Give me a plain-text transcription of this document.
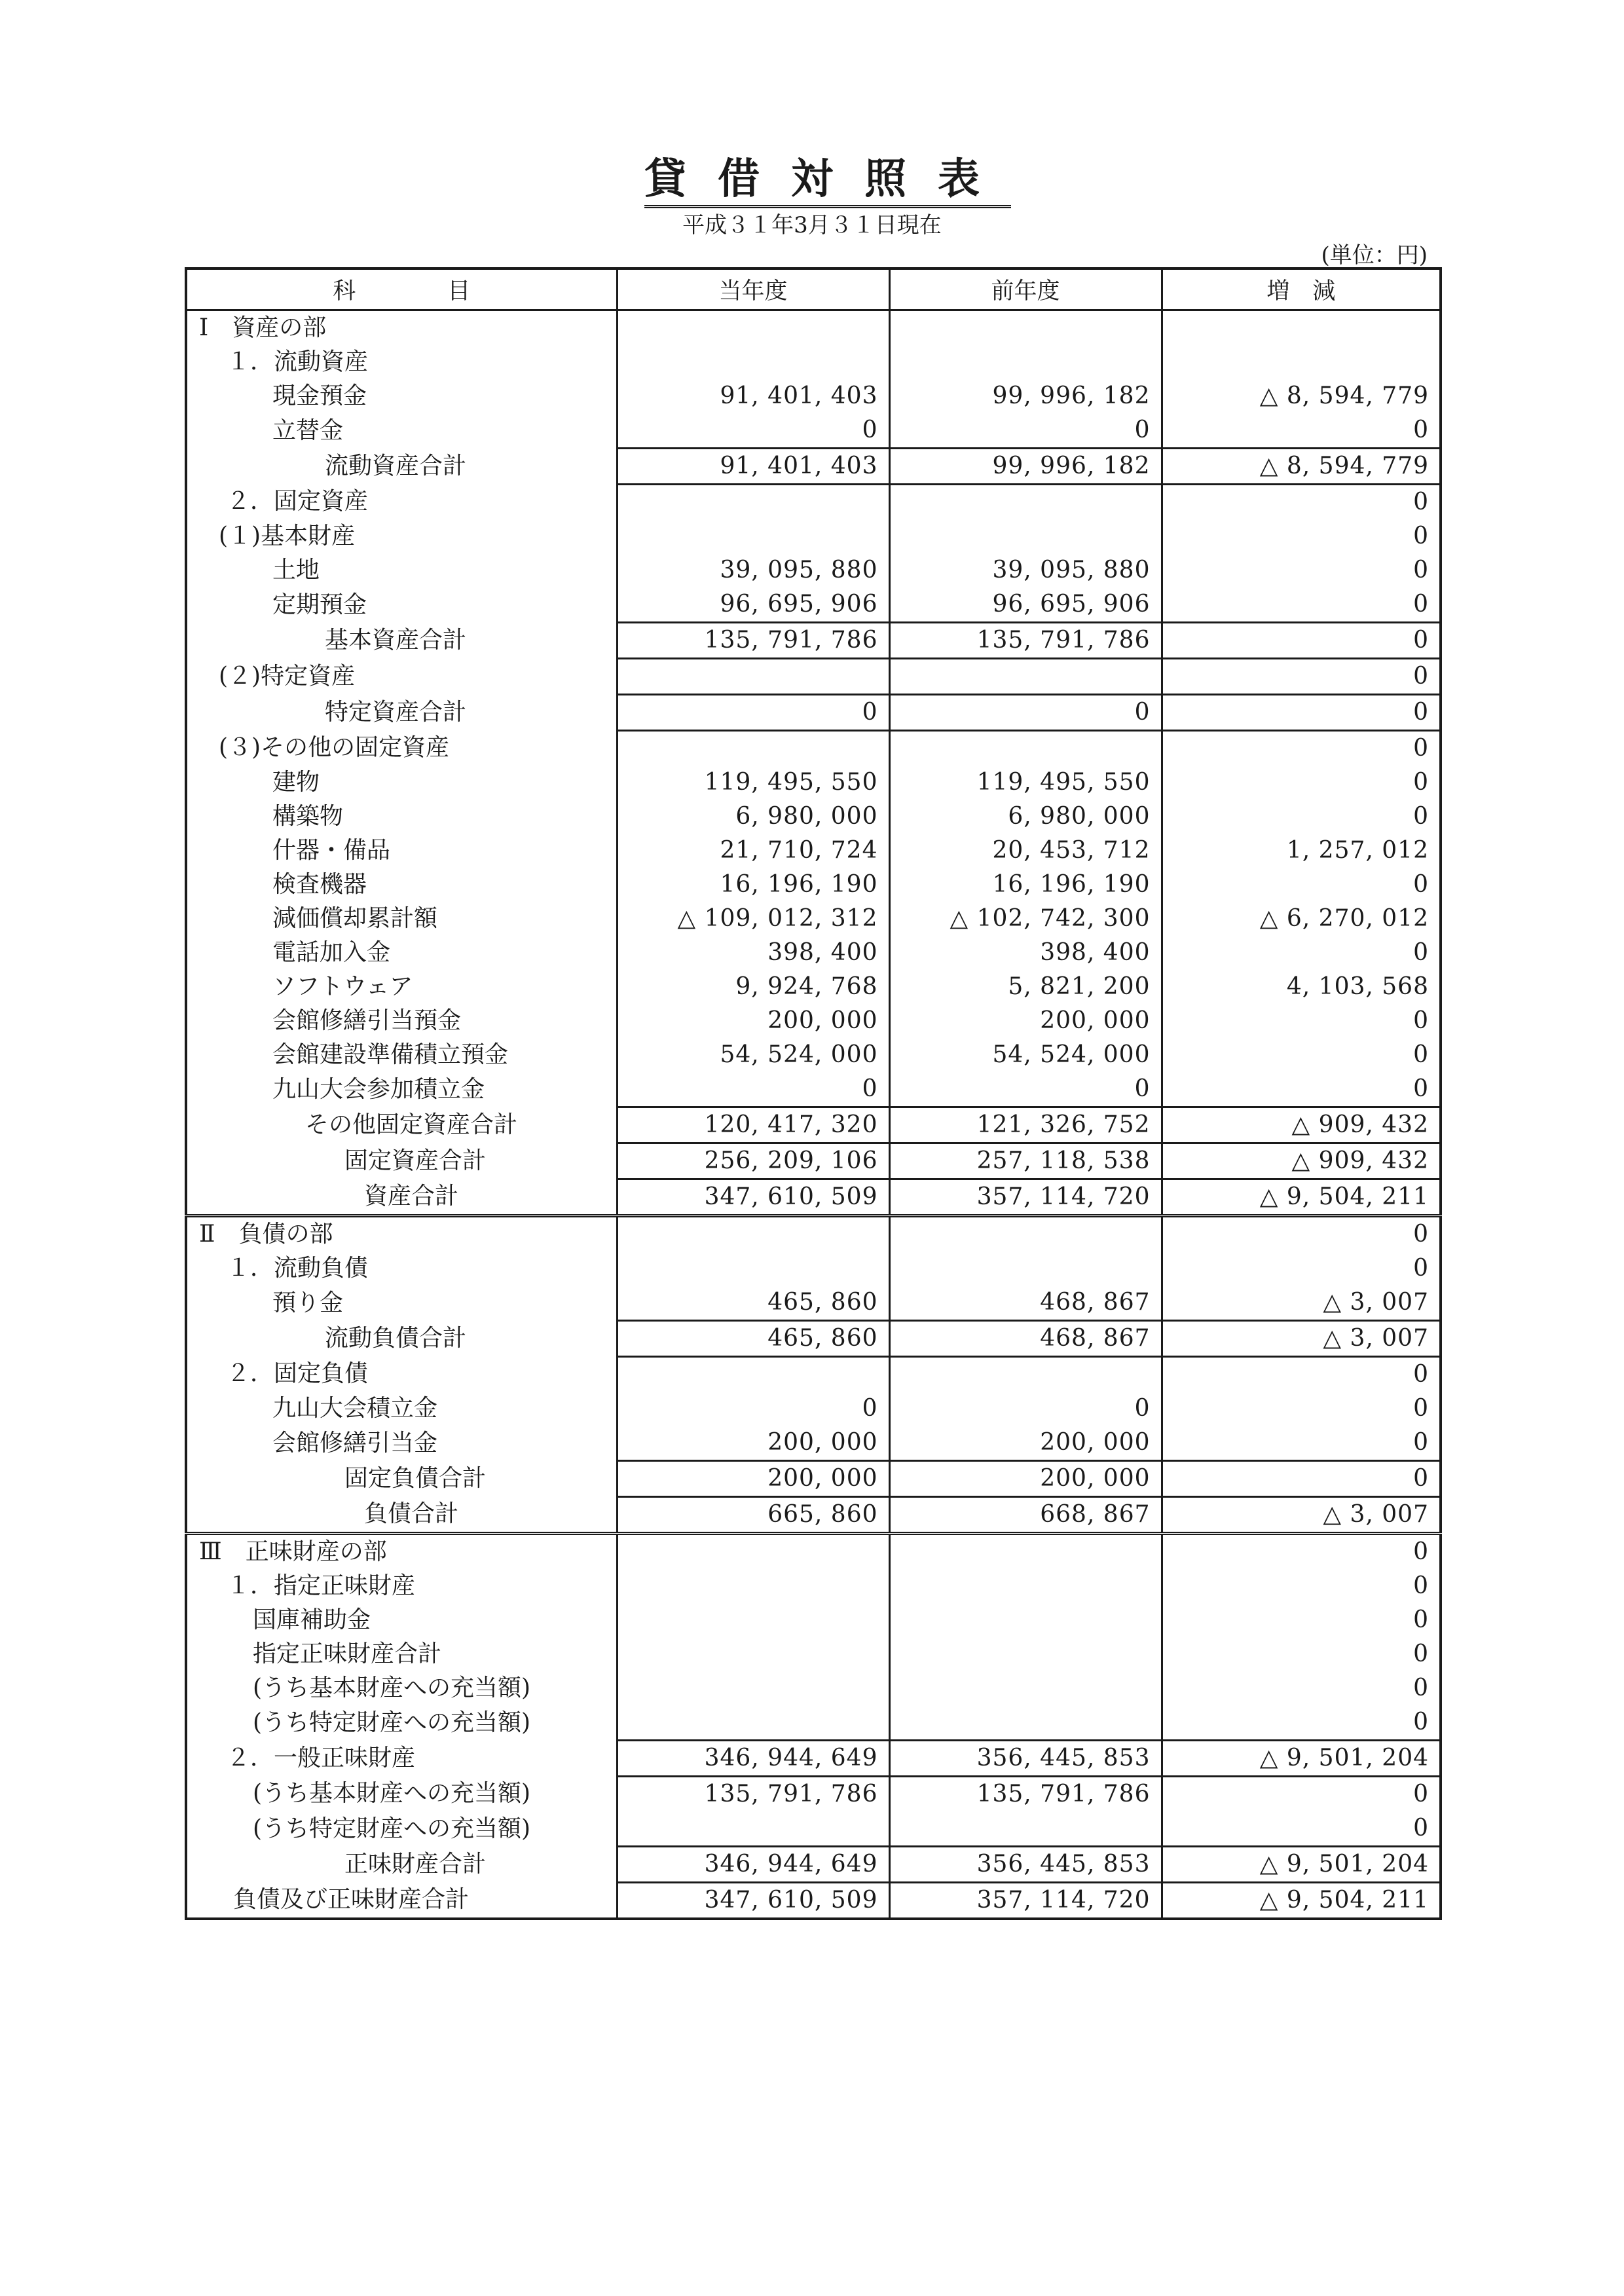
貸借対照表
平成３１年3月３１日現在
(単位：円)
科　　　　目	当年度	前年度	増　減
Ⅰ　資産の部			
１．流動資産			
現金預金	91, 401, 403	99, 996, 182	△ 8, 594, 779
立替金	0	0	0
流動資産合計	91, 401, 403	99, 996, 182	△ 8, 594, 779
２．固定資産			0
(１)基本財産			0
土地	39, 095, 880	39, 095, 880	0
定期預金	96, 695, 906	96, 695, 906	0
基本資産合計	135, 791, 786	135, 791, 786	0
(２)特定資産			0
特定資産合計	0	0	0
(３)その他の固定資産			0
建物	119, 495, 550	119, 495, 550	0
構築物	6, 980, 000	6, 980, 000	0
什器・備品	21, 710, 724	20, 453, 712	1, 257, 012
検査機器	16, 196, 190	16, 196, 190	0
減価償却累計額	△ 109, 012, 312	△ 102, 742, 300	△ 6, 270, 012
電話加入金	398, 400	398, 400	0
ソフトウェア	9, 924, 768	5, 821, 200	4, 103, 568
会館修繕引当預金	200, 000	200, 000	0
会館建設準備積立預金	54, 524, 000	54, 524, 000	0
九山大会参加積立金	0	0	0
その他固定資産合計	120, 417, 320	121, 326, 752	△ 909, 432
固定資産合計	256, 209, 106	257, 118, 538	△ 909, 432
資産合計	347, 610, 509	357, 114, 720	△ 9, 504, 211
Ⅱ　負債の部			0
１．流動負債			0
預り金	465, 860	468, 867	△ 3, 007
流動負債合計	465, 860	468, 867	△ 3, 007
２．固定負債			0
九山大会積立金	0	0	0
会館修繕引当金	200, 000	200, 000	0
固定負債合計	200, 000	200, 000	0
負債合計	665, 860	668, 867	△ 3, 007
Ⅲ　正味財産の部			0
１．指定正味財産			0
国庫補助金			0
指定正味財産合計			0
(うち基本財産への充当額)			0
(うち特定財産への充当額)			0
２．一般正味財産	346, 944, 649	356, 445, 853	△ 9, 501, 204
(うち基本財産への充当額)	135, 791, 786	135, 791, 786	0
(うち特定財産への充当額)			0
正味財産合計	346, 944, 649	356, 445, 853	△ 9, 501, 204
負債及び正味財産合計	347, 610, 509	357, 114, 720	△ 9, 504, 211
